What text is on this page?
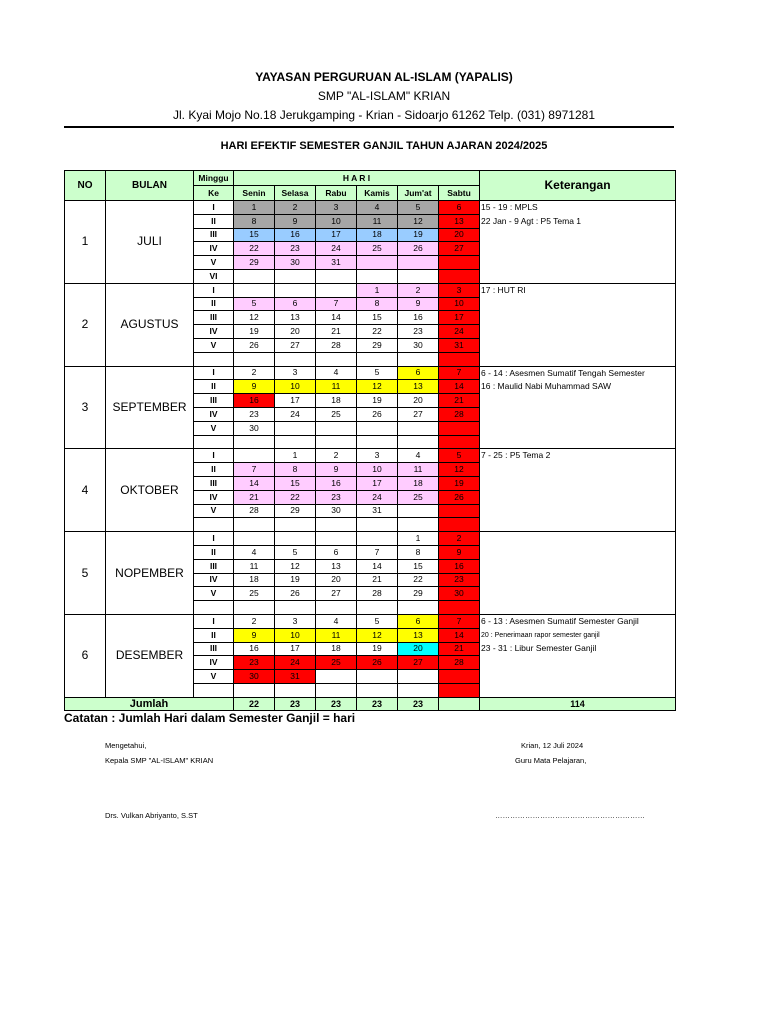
YAYASAN PERGURUAN AL-ISLAM (YAPALIS)
SMP "AL-ISLAM" KRIAN
Jl. Kyai Mojo No.18 Jerukgamping - Krian - Sidoarjo 61262 Telp. (031) 8971281
HARI EFEKTIF SEMESTER GANJIL TAHUN AJARAN 2024/2025
NO	BULAN	Minggu	H A R I						Keterangan
		Ke	Senin	Selasa	Rabu	Kamis	Jum'at	Sabtu	
1	JULI	I	1	2	3	4	5	6	15 - 19 : MPLS
		II	8	9	10	11	12	13	22 Jan - 9 Agt : P5 Tema 1
		III	15	16	17	18	19	20	
		IV	22	23	24	25	26	27	
		V	29	30	31				
		VI							
2	AGUSTUS	I				1	2	3	17 : HUT RI
		II	5	6	7	8	9	10	
		III	12	13	14	15	16	17	
		IV	19	20	21	22	23	24	
		V	26	27	28	29	30	31	

3	SEPTEMBER	I	2	3	4	5	6	7	6 - 14 : Asesmen Sumatif Tengah Semester
		II	9	10	11	12	13	14	16 : Maulid Nabi Muhammad SAW
		III	16	17	18	19	20	21	
		IV	23	24	25	26	27	28	
		V	30						

4	OKTOBER	I		1	2	3	4	5	7 - 25 : P5 Tema 2
		II	7	8	9	10	11	12	
		III	14	15	16	17	18	19	
		IV	21	22	23	24	25	26	
		V	28	29	30	31			

5	NOPEMBER	I					1	2	
		II	4	5	6	7	8	9	
		III	11	12	13	14	15	16	
		IV	18	19	20	21	22	23	
		V	25	26	27	28	29	30	

6	DESEMBER	I	2	3	4	5	6	7	6 - 13 : Asesmen Sumatif Semester Ganjil
		II	9	10	11	12	13	14	20 : Penerimaan rapor semester ganjil
		III	16	17	18	19	20	21	23 - 31 : Libur Semester Ganjil
		IV	23	24	25	26	27	28	
		V	30	31					

Jumlah			22	23	23	23	23		114
Catatan : Jumlah Hari dalam Semester Ganjil = hari
Mengetahui,
Kepala SMP "AL-ISLAM" KRIAN
Drs. Vulkan Abriyanto, S.ST
Krian, 12 Juli 2024
Guru Mata Pelajaran,
……………………………………………………
